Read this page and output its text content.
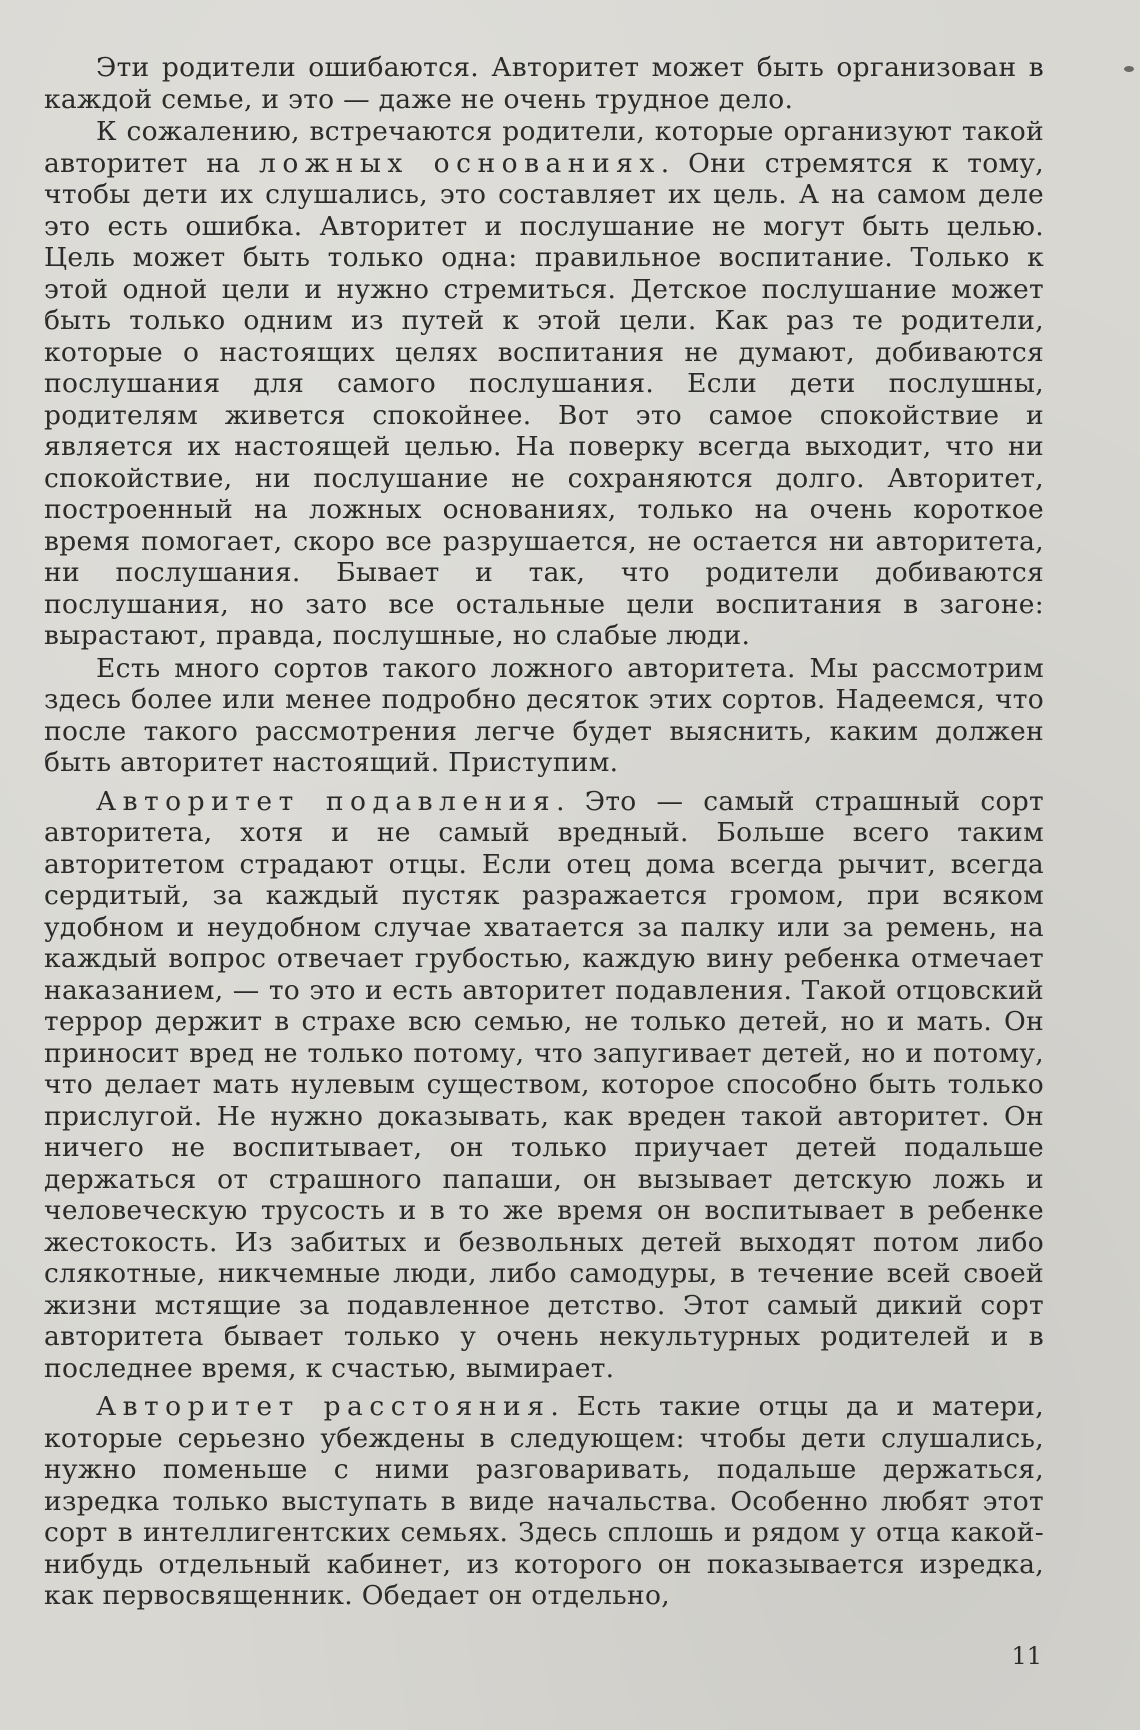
Эти родители ошибаются. Авторитет может быть организован в каждой семье, и это — даже не очень трудное дело.

К сожалению, встречаются родители, которые организуют такой авторитет на ложных основаниях. Они стремятся к тому, чтобы дети их слушались, это составляет их цель. А на самом деле это есть ошибка. Авторитет и послушание не могут быть целью. Цель может быть только одна: правильное воспитание. Только к этой одной цели и нужно стремиться. Детское послушание может быть только одним из путей к этой цели. Как раз те родители, которые о настоящих целях воспитания не думают, добиваются послушания для самого послушания. Если дети послушны, родителям живется спокойнее. Вот это самое спокойствие и является их настоящей целью. На поверку всегда выходит, что ни спокойствие, ни послушание не сохраняются долго. Авторитет, построенный на ложных основаниях, только на очень короткое время помогает, скоро все разрушается, не остается ни авторитета, ни послушания. Бывает и так, что родители добиваются послушания, но зато все остальные цели воспитания в загоне: вырастают, правда, послушные, но слабые люди.

Есть много сортов такого ложного авторитета. Мы рассмотрим здесь более или менее подробно десяток этих сортов. Надеемся, что после такого рассмотрения легче будет выяснить, каким должен быть авторитет настоящий. Приступим.

Авторитет подавления. Это — самый страшный сорт авторитета, хотя и не самый вредный. Больше всего таким авторитетом страдают отцы. Если отец дома всегда рычит, всегда сердитый, за каждый пустяк разражается громом, при всяком удобном и неудобном случае хватается за палку или за ремень, на каждый вопрос отвечает грубостью, каждую вину ребенка отмечает наказанием, — то это и есть авторитет подавления. Такой отцовский террор держит в страхе всю семью, не только детей, но и мать. Он приносит вред не только потому, что запугивает детей, но и потому, что делает мать нулевым существом, которое способно быть только прислугой. Не нужно доказывать, как вреден такой авторитет. Он ничего не воспитывает, он только приучает детей подальше держаться от страшного папаши, он вызывает детскую ложь и человеческую трусость и в то же время он воспитывает в ребенке жестокость. Из забитых и безвольных детей выходят потом либо слякотные, никчемные люди, либо самодуры, в течение всей своей жизни мстящие за подавленное детство. Этот самый дикий сорт авторитета бывает только у очень некультурных родителей и в последнее время, к счастью, вымирает.

Авторитет расстояния. Есть такие отцы да и матери, которые серьезно убеждены в следующем: чтобы дети слушались, нужно поменьше с ними разговаривать, подальше держаться, изредка только выступать в виде начальства. Особенно любят этот сорт в интеллигентских семьях. Здесь сплошь и рядом у отца какой-нибудь отдельный кабинет, из которого он показывается изредка, как первосвященник. Обедает он отдельно,

11
